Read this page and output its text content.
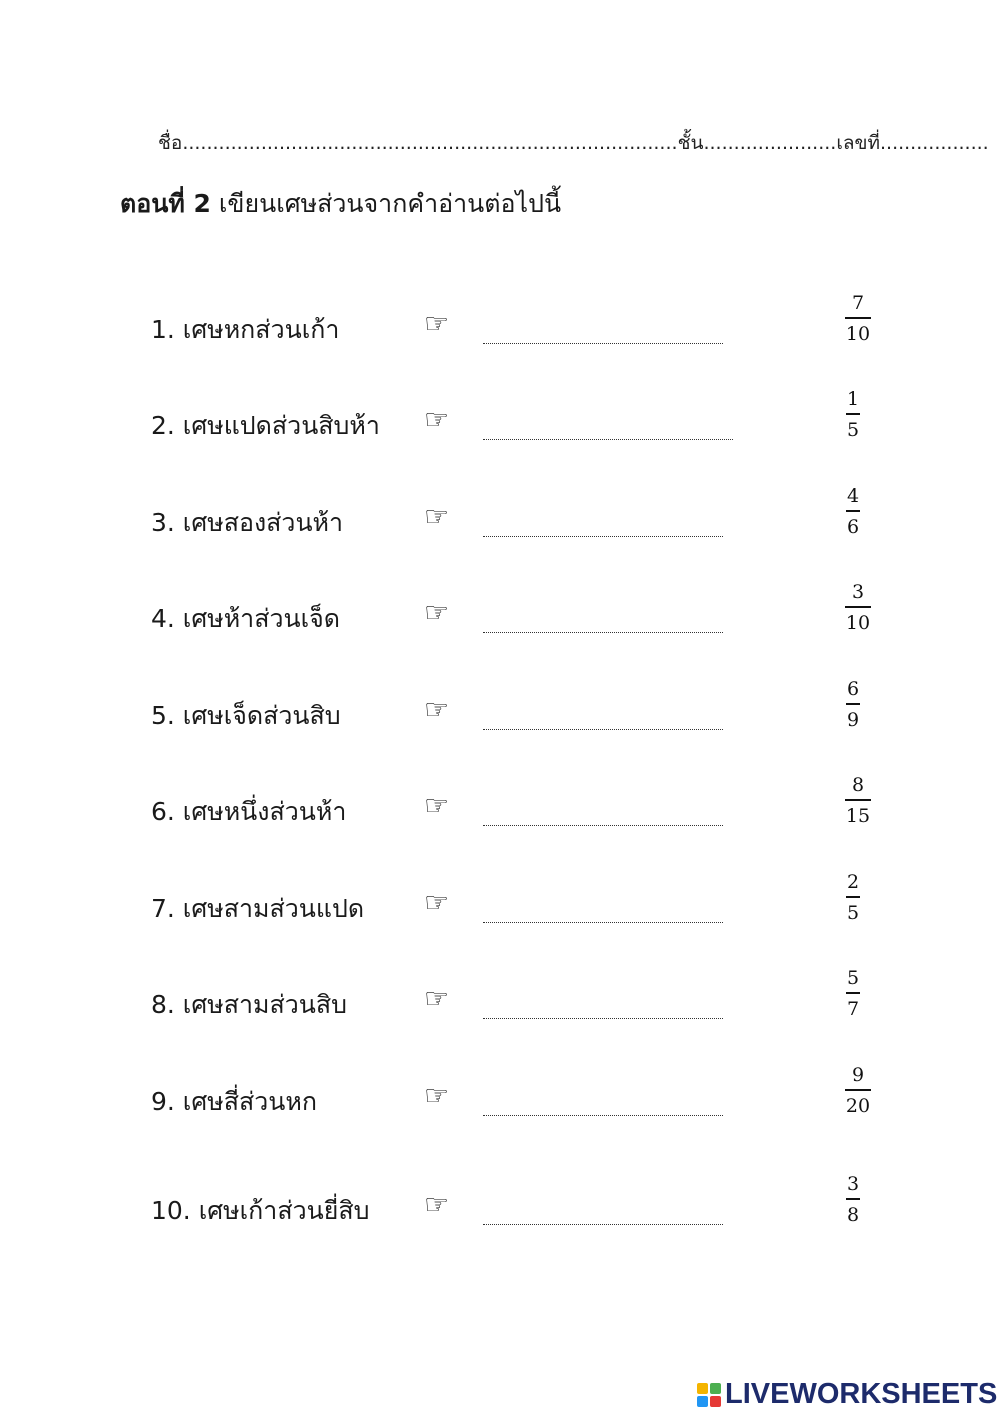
ชื่อ..................................................................................ชั้น......................เลขที่..................
ตอนที่ 2 เขียนเศษส่วนจากคำอ่านต่อไปนี้
1. เศษหกส่วนเก้า	☞
7
10
2. เศษแปดส่วนสิบห้า ☞
1
5
3. เศษสองส่วนห้า	☞
4
6
4. เศษห้าส่วนเจ็ด	☞
3
10
5. เศษเจ็ดส่วนสิบ	☞
6
9
6. เศษหนึ่งส่วนห้า	☞
8
15
7. เศษสามส่วนแปด ☞
2
5
8. เศษสามส่วนสิบ	☞
5
7
9. เศษสี่ส่วนหก	☞
9
20
10. เศษเก้าส่วนยี่สิบ ☞
3
8
LIVEWORKSHEETS
